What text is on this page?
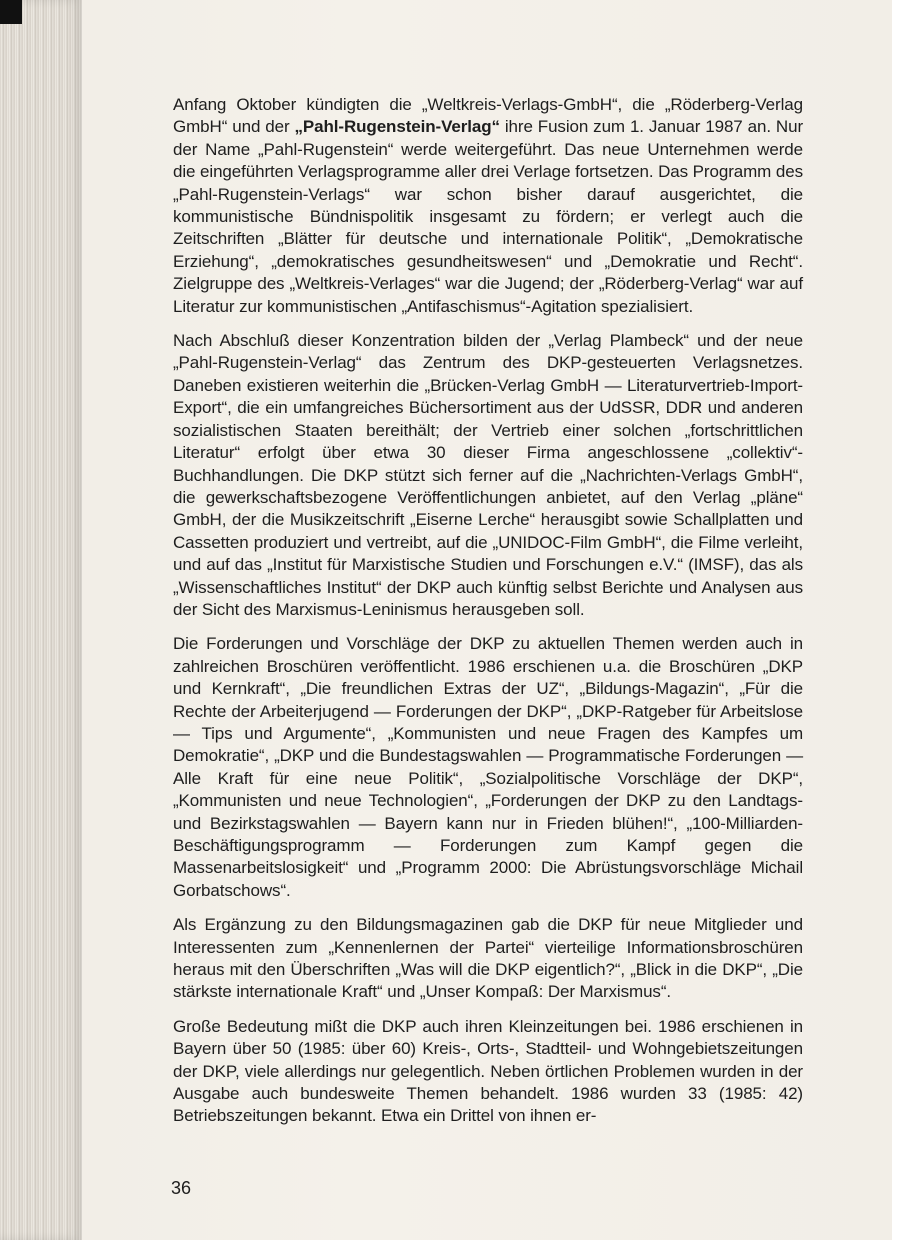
Anfang Oktober kündigten die „Weltkreis-Verlags-GmbH“, die „Röderberg-Verlag GmbH“ und der „Pahl-Rugenstein-Verlag“ ihre Fusion zum 1. Januar 1987 an. Nur der Name „Pahl-Rugenstein“ werde weitergeführt. Das neue Unternehmen werde die eingeführten Verlagsprogramme aller drei Verlage fortsetzen. Das Programm des „Pahl-Rugenstein-Verlags“ war schon bisher darauf ausgerichtet, die kommunistische Bündnispolitik insgesamt zu fördern; er verlegt auch die Zeitschriften „Blätter für deutsche und internationale Politik“, „Demokratische Erziehung“, „demokratisches gesundheitswesen“ und „Demokratie und Recht“. Zielgruppe des „Weltkreis-Verlages“ war die Jugend; der „Röderberg-Verlag“ war auf Literatur zur kommunistischen „Antifaschismus“-Agitation spezialisiert.

Nach Abschluß dieser Konzentration bilden der „Verlag Plambeck“ und der neue „Pahl-Rugenstein-Verlag“ das Zentrum des DKP-gesteuerten Verlagsnetzes. Daneben existieren weiterhin die „Brücken-Verlag GmbH — Literaturvertrieb-Import-Export“, die ein umfangreiches Büchersortiment aus der UdSSR, DDR und anderen sozialistischen Staaten bereithält; der Vertrieb einer solchen „fortschrittlichen Literatur“ erfolgt über etwa 30 dieser Firma angeschlossene „collektiv“-Buchhandlungen. Die DKP stützt sich ferner auf die „Nachrichten-Verlags GmbH“, die gewerkschaftsbezogene Veröffentlichungen anbietet, auf den Verlag „pläne“ GmbH, der die Musikzeitschrift „Eiserne Lerche“ herausgibt sowie Schallplatten und Cassetten produziert und vertreibt, auf die „UNIDOC-Film GmbH“, die Filme verleiht, und auf das „Institut für Marxistische Studien und Forschungen e.V.“ (IMSF), das als „Wissenschaftliches Institut“ der DKP auch künftig selbst Berichte und Analysen aus der Sicht des Marxismus-Leninismus herausgeben soll.

Die Forderungen und Vorschläge der DKP zu aktuellen Themen werden auch in zahlreichen Broschüren veröffentlicht. 1986 erschienen u.a. die Broschüren „DKP und Kernkraft“, „Die freundlichen Extras der UZ“, „Bildungs-Magazin“, „Für die Rechte der Arbeiterjugend — Forderungen der DKP“, „DKP-Ratgeber für Arbeitslose — Tips und Argumente“, „Kommunisten und neue Fragen des Kampfes um Demokratie“, „DKP und die Bundestagswahlen — Programmatische Forderungen — Alle Kraft für eine neue Politik“, „Sozialpolitische Vorschläge der DKP“, „Kommunisten und neue Technologien“, „Forderungen der DKP zu den Landtags- und Bezirkstagswahlen — Bayern kann nur in Frieden blühen!“, „100-Milliarden-Beschäftigungsprogramm — Forderungen zum Kampf gegen die Massenarbeitslosigkeit“ und „Programm 2000: Die Abrüstungsvorschläge Michail Gorbatschows“.

Als Ergänzung zu den Bildungsmagazinen gab die DKP für neue Mitglieder und Interessenten zum „Kennenlernen der Partei“ vierteilige Informationsbroschüren heraus mit den Überschriften „Was will die DKP eigentlich?“, „Blick in die DKP“, „Die stärkste internationale Kraft“ und „Unser Kompaß: Der Marxismus“.

Große Bedeutung mißt die DKP auch ihren Kleinzeitungen bei. 1986 erschienen in Bayern über 50 (1985: über 60) Kreis-, Orts-, Stadtteil- und Wohngebietszeitungen der DKP, viele allerdings nur gelegentlich. Neben örtlichen Problemen wurden in der Ausgabe auch bundesweite Themen behandelt. 1986 wurden 33 (1985: 42) Betriebszeitungen bekannt. Etwa ein Drittel von ihnen er-

36
